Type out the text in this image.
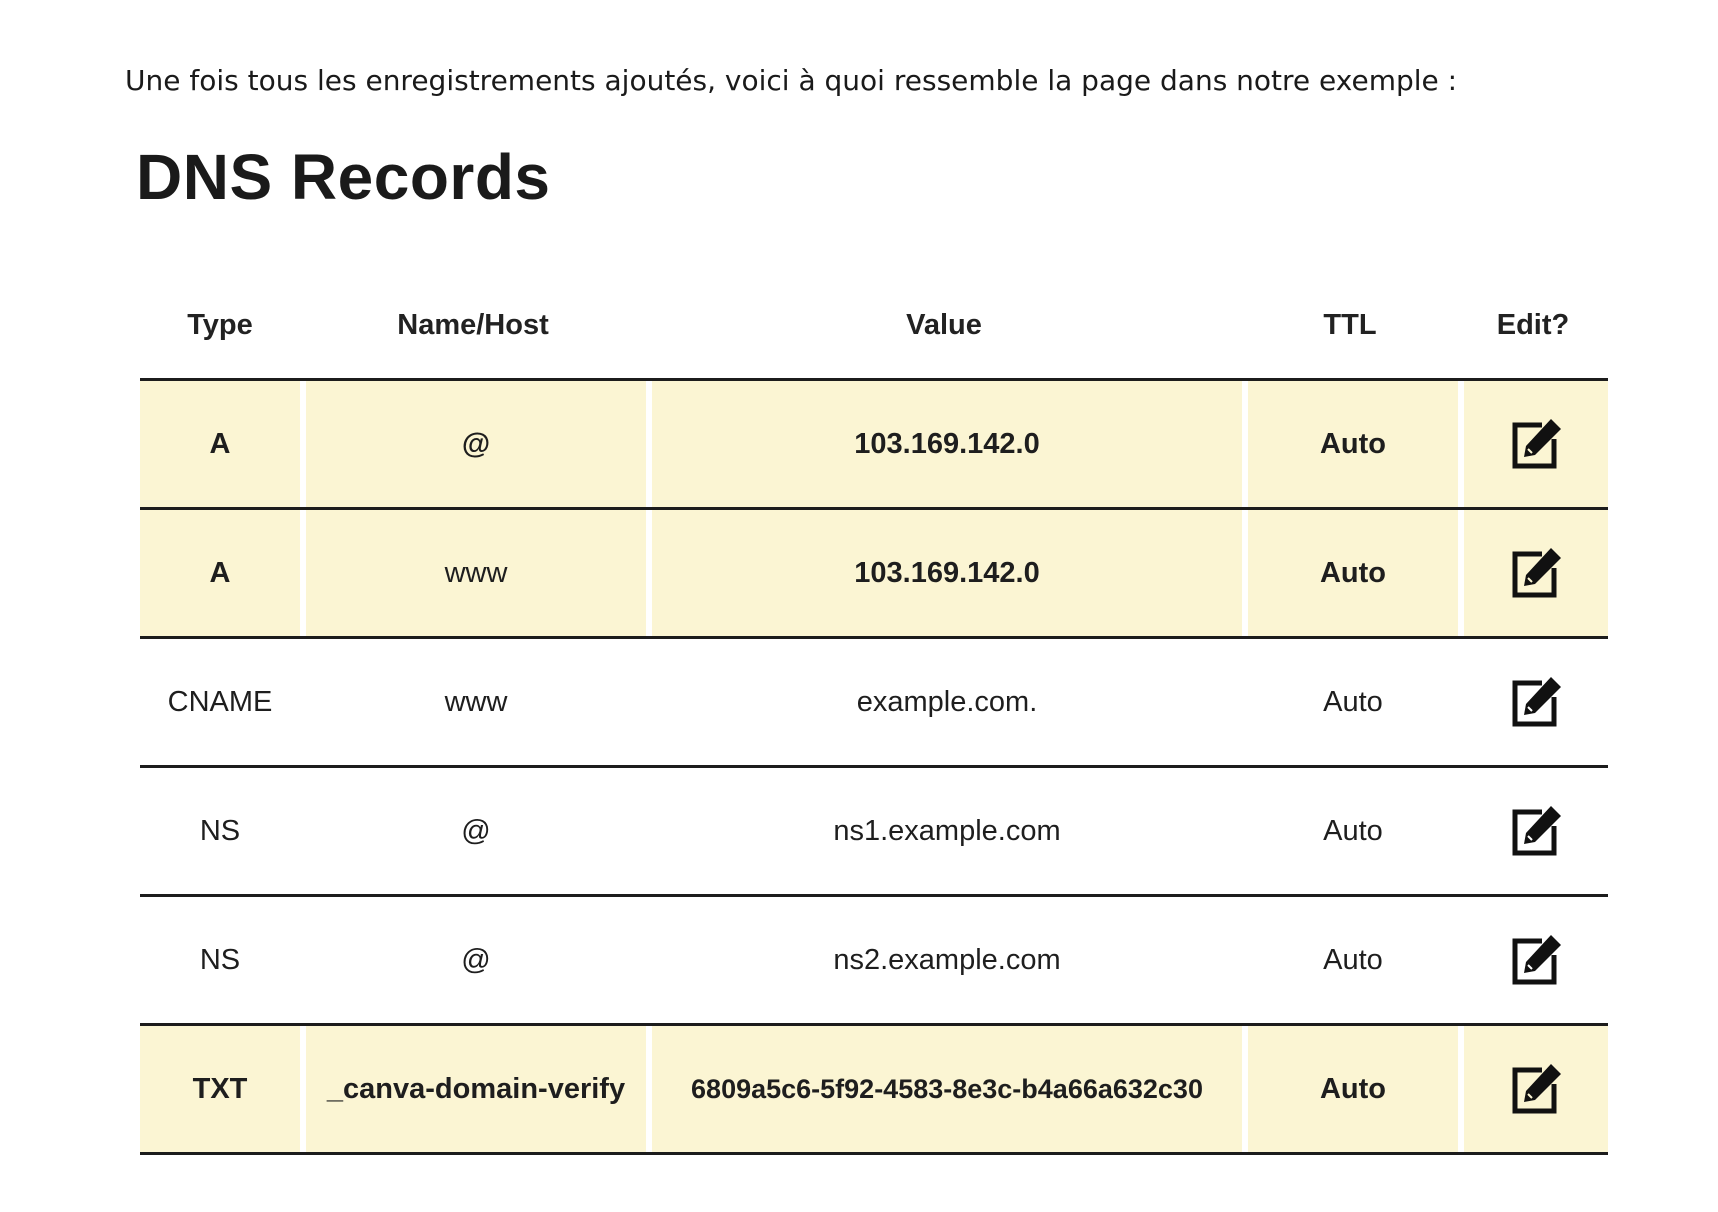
Une fois tous les enregistrements ajoutés, voici à quoi ressemble la page dans notre exemple :

DNS Records
Type	Name/Host	Value	TTL	Edit?
A	@	103.169.142.0	Auto
A	www	103.169.142.0	Auto
CNAME	www	example.com.	Auto
NS	@	ns1.example.com	Auto
NS	@	ns2.example.com	Auto
TXT	_canva-domain-verify	6809a5c6-5f92-4583-8e3c-b4a66a632c30	Auto
